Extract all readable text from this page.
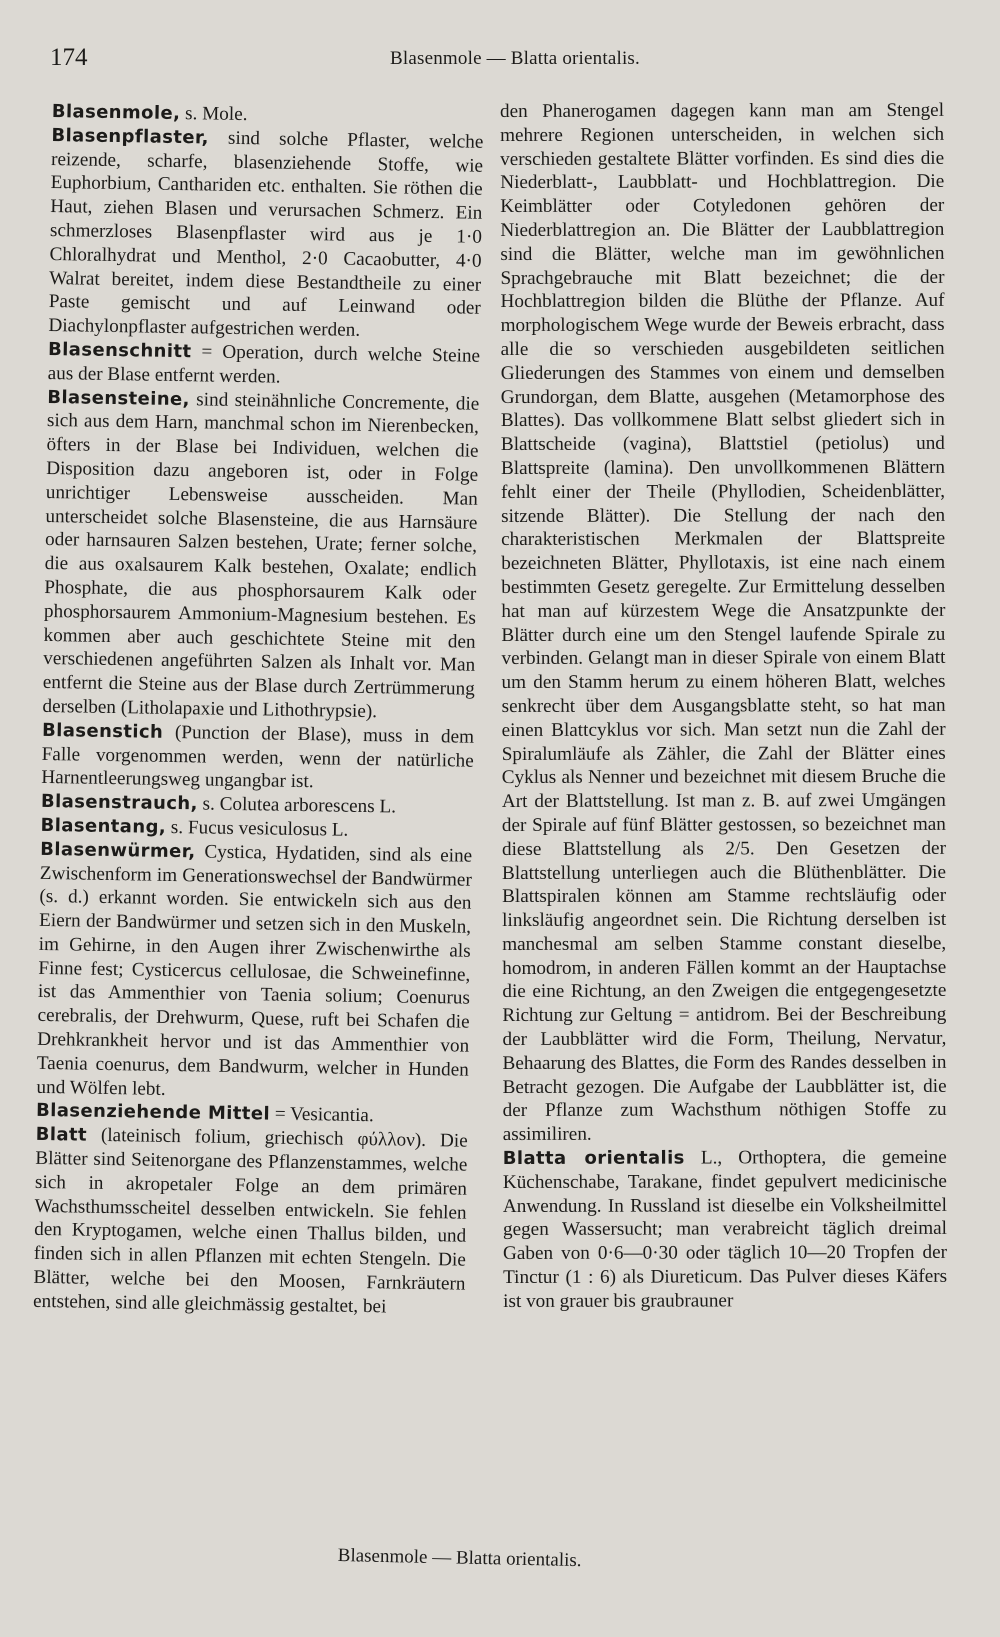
174	Blasenmole — Blatta orientalis.

Blasenmole, s. Mole.

Blasenpflaster, sind solche Pflaster, welche reizende, scharfe, blasenziehende Stoffe, wie Euphorbium, Canthariden etc. enthalten. Sie röthen die Haut, ziehen Blasen und verursachen Schmerz. Ein schmerzloses Blasenpflaster wird aus je 1·0 Chloralhydrat und Menthol, 2·0 Cacaobutter, 4·0 Walrat bereitet, indem diese Bestandtheile zu einer Paste gemischt und auf Leinwand oder Diachylonpflaster aufgestrichen werden.

Blasenschnitt = Operation, durch welche Steine aus der Blase entfernt werden.

Blasensteine, sind steinähnliche Concremente, die sich aus dem Harn, manchmal schon im Nierenbecken, öfters in der Blase bei Individuen, welchen die Disposition dazu angeboren ist, oder in Folge unrichtiger Lebensweise ausscheiden. Man unterscheidet solche Blasensteine, die aus Harnsäure oder harnsauren Salzen bestehen, Urate; ferner solche, die aus oxalsaurem Kalk bestehen, Oxalate; endlich Phosphate, die aus phosphorsaurem Kalk oder phosphorsaurem Ammonium-Magnesium bestehen. Es kommen aber auch geschichtete Steine mit den verschiedenen angeführten Salzen als Inhalt vor. Man entfernt die Steine aus der Blase durch Zertrümmerung derselben (Litholapaxie und Lithothrypsie).

Blasenstich (Punction der Blase), muss in dem Falle vorgenommen werden, wenn der natürliche Harnentleerungsweg ungangbar ist.

Blasenstrauch, s. Colutea arborescens L.

Blasentang, s. Fucus vesiculosus L.

Blasenwürmer, Cystica, Hydatiden, sind als eine Zwischenform im Generationswechsel der Bandwürmer (s. d.) erkannt worden. Sie entwickeln sich aus den Eiern der Bandwürmer und setzen sich in den Muskeln, im Gehirne, in den Augen ihrer Zwischenwirthe als Finne fest; Cysticercus cellulosae, die Schweinefinne, ist das Ammenthier von Taenia solium; Coenurus cerebralis, der Drehwurm, Quese, ruft bei Schafen die Drehkrankheit hervor und ist das Ammenthier von Taenia coenurus, dem Bandwurm, welcher in Hunden und Wölfen lebt.

Blasenziehende Mittel = Vesicantia.

Blatt (lateinisch folium, griechisch φύλλον). Die Blätter sind Seitenorgane des Pflanzenstammes, welche sich in akropetaler Folge an dem primären Wachsthumsscheitel desselben entwickeln. Sie fehlen den Kryptogamen, welche einen Thallus bilden, und finden sich in allen Pflanzen mit echten Stengeln. Die Blätter, welche bei den Moosen, Farnkräutern entstehen, sind alle gleichmässig gestaltet, bei

den Phanerogamen dagegen kann man am Stengel mehrere Regionen unterscheiden, in welchen sich verschieden gestaltete Blätter vorfinden. Es sind dies die Niederblatt-, Laubblatt- und Hochblattregion. Die Keimblätter oder Cotyledonen gehören der Niederblattregion an. Die Blätter der Laubblattregion sind die Blätter, welche man im gewöhnlichen Sprachgebrauche mit Blatt bezeichnet; die der Hochblattregion bilden die Blüthe der Pflanze. Auf morphologischem Wege wurde der Beweis erbracht, dass alle die so verschieden ausgebildeten seitlichen Gliederungen des Stammes von einem und demselben Grundorgan, dem Blatte, ausgehen (Metamorphose des Blattes). Das vollkommene Blatt selbst gliedert sich in Blattscheide (vagina), Blattstiel (petiolus) und Blattspreite (lamina). Den unvollkommenen Blättern fehlt einer der Theile (Phyllodien, Scheidenblätter, sitzende Blätter). Die Stellung der nach den charakteristischen Merkmalen der Blattspreite bezeichneten Blätter, Phyllotaxis, ist eine nach einem bestimmten Gesetz geregelte. Zur Ermittelung desselben hat man auf kürzestem Wege die Ansatzpunkte der Blätter durch eine um den Stengel laufende Spirale zu verbinden. Gelangt man in dieser Spirale von einem Blatt um den Stamm herum zu einem höheren Blatt, welches senkrecht über dem Ausgangsblatte steht, so hat man einen Blattcyklus vor sich. Man setzt nun die Zahl der Spiralumläufe als Zähler, die Zahl der Blätter eines Cyklus als Nenner und bezeichnet mit diesem Bruche die Art der Blattstellung. Ist man z. B. auf zwei Umgängen der Spirale auf fünf Blätter gestossen, so bezeichnet man diese Blattstellung als 2/5. Den Gesetzen der Blattstellung unterliegen auch die Blüthenblätter. Die Blattspiralen können am Stamme rechtsläufig oder linksläufig angeordnet sein. Die Richtung derselben ist manchesmal am selben Stamme constant dieselbe, homodrom, in anderen Fällen kommt an der Hauptachse die eine Richtung, an den Zweigen die entgegengesetzte Richtung zur Geltung = antidrom. Bei der Beschreibung der Laubblätter wird die Form, Theilung, Nervatur, Behaarung des Blattes, die Form des Randes desselben in Betracht gezogen. Die Aufgabe der Laubblätter ist, die der Pflanze zum Wachsthum nöthigen Stoffe zu assimiliren.

Blatta orientalis L., Orthoptera, die gemeine Küchenschabe, Tarakane, findet gepulvert medicinische Anwendung. In Russland ist dieselbe ein Volksheilmittel gegen Wassersucht; man verabreicht täglich dreimal Gaben von 0·6—0·30 oder täglich 10—20 Tropfen der Tinctur (1 : 6) als Diureticum. Das Pulver dieses Käfers ist von grauer bis graubrauner

Blasenmole — Blatta orientalis.
